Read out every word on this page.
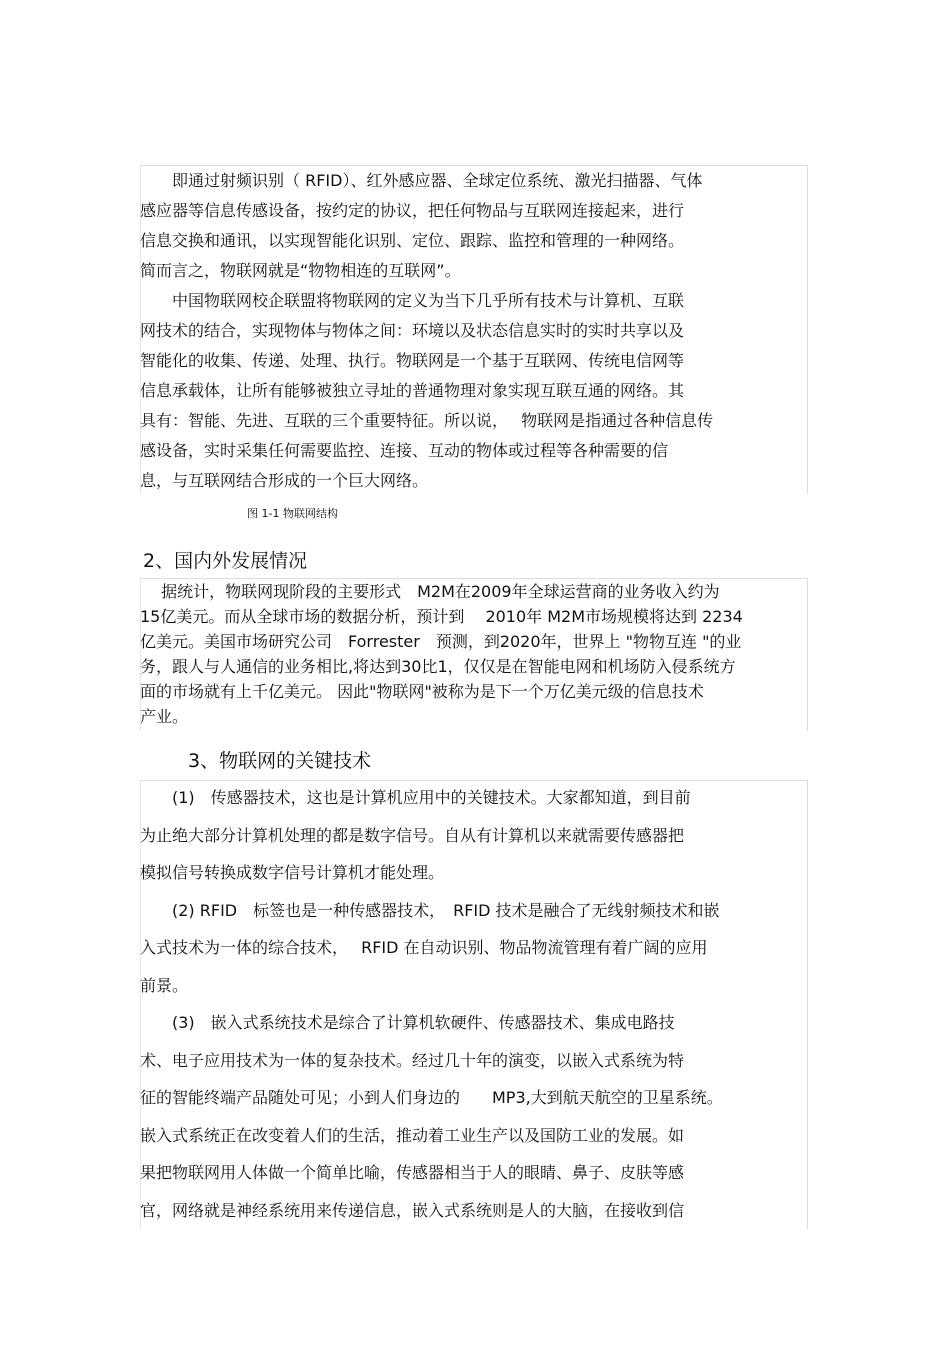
　　即通过射频识别（ RFID）、红外感应器、全球定位系统、激光扫描器、气体
感应器等信息传感设备，按约定的协议，把任何物品与互联网连接起来，进行
信息交换和通讯，以实现智能化识别、定位、跟踪、监控和管理的一种网络。
简而言之，物联网就是“物物相连的互联网”。
　　中国物联网校企联盟将物联网的定义为当下几乎所有技术与计算机、互联
网技术的结合，实现物体与物体之间：环境以及状态信息实时的实时共享以及
智能化的收集、传递、处理、执行。物联网是一个基于互联网、传统电信网等
信息承载体，让所有能够被独立寻址的普通物理对象实现互联互通的网络。其
具有：智能、先进、互联的三个重要特征。所以说，　 物联网是指通过各种信息传
感设备，实时采集任何需要监控、连接、互动的物体或过程等各种需要的信
息，与互联网结合形成的一个巨大网络。
图 1-1 物联网结构
2、国内外发展情况
　 据统计，物联网现阶段的主要形式　M2M在2009年全球运营商的业务收入约为
15亿美元。而从全球市场的数据分析，预计到　 2010年 M2M市场规模将达到 2234
亿美元。美国市场研究公司　Forrester　预测，到2020年，世界上 "物物互连 "的业
务，跟人与人通信的业务相比,将达到30比1，仅仅是在智能电网和机场防入侵系统方
面的市场就有上千亿美元。 因此"物联网"被称为是下一个万亿美元级的信息技术
产业。
3、物联网的关键技术
　　(1)　传感器技术，这也是计算机应用中的关键技术。大家都知道，到目前
为止绝大部分计算机处理的都是数字信号。自从有计算机以来就需要传感器把
模拟信号转换成数字信号计算机才能处理。
　　(2) RFID　标签也是一种传感器技术，　RFID 技术是融合了无线射频技术和嵌
入式技术为一体的综合技术，　 RFID 在自动识别、物品物流管理有着广阔的应用
前景。
　　(3)　嵌入式系统技术是综合了计算机软硬件、传感器技术、集成电路技
术、电子应用技术为一体的复杂技术。经过几十年的演变，以嵌入式系统为特
征的智能终端产品随处可见；小到人们身边的　　MP3,大到航天航空的卫星系统。
嵌入式系统正在改变着人们的生活，推动着工业生产以及国防工业的发展。如
果把物联网用人体做一个简单比喻，传感器相当于人的眼睛、鼻子、皮肤等感
官，网络就是神经系统用来传递信息，嵌入式系统则是人的大脑，在接收到信
